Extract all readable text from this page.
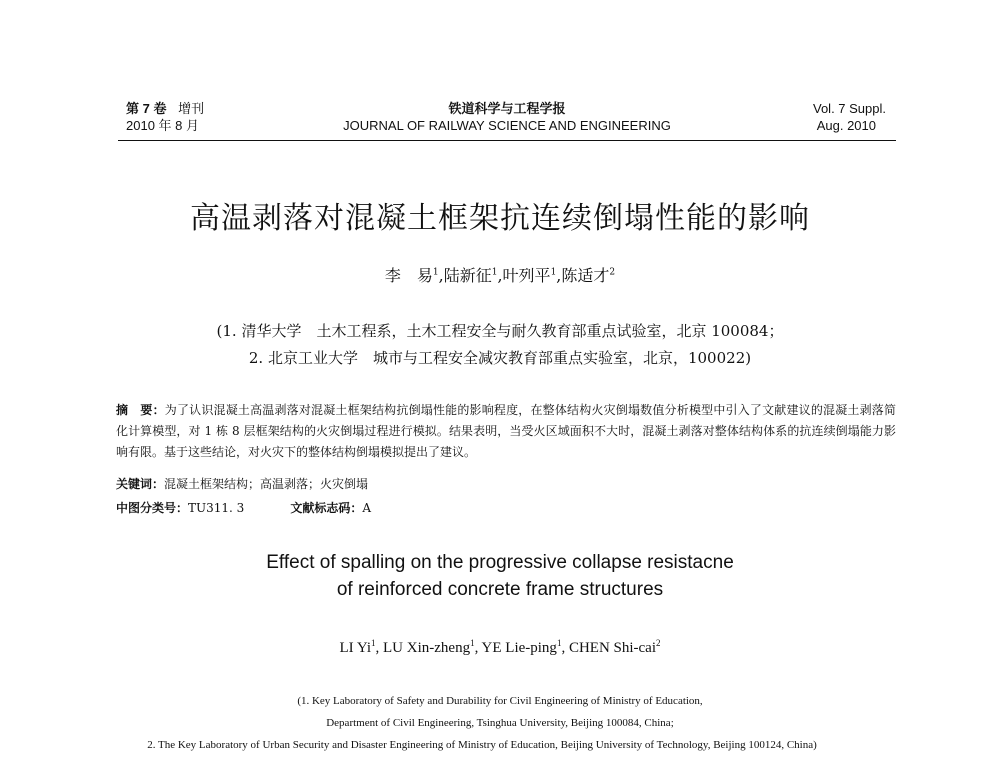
第 7 卷 增刊
2010 年 8 月
铁道科学与工程学报
JOURNAL OF RAILWAY SCIENCE AND ENGINEERING
Vol. 7 Suppl.
Aug. 2010
高温剥落对混凝土框架抗连续倒塌性能的影响
李　易$^1$,陆新征$^1$,叶列平$^1$,陈适才$^2$
(1. 清华大学　土木工程系，土木工程安全与耐久教育部重点试验室，北京 100084；
2. 北京工业大学　城市与工程安全减灾教育部重点实验室，北京，100022)
摘　要：为了认识混凝土高温剥落对混凝土框架结构抗倒塌性能的影响程度，在整体结构火灾倒塌数值分析模型中引入了文献建议的混凝土剥落简化计算模型，对 1 栋 8 层框架结构的火灾倒塌过程进行模拟。结果表明，当受火区域面积不大时，混凝土剥落对整体结构体系的抗连续倒塌能力影响有限。基于这些结论，对火灾下的整体结构倒塌模拟提出了建议。
关键词：混凝土框架结构；高温剥落；火灾倒塌
中图分类号：TU311. 3	文献标志码：A
Effect of spalling on the progressive collapse resistacne
of reinforced concrete frame structures
LI Yi$^1$, LU Xin-zheng$^1$, YE Lie-ping$^1$, CHEN Shi-cai$^2$
(1. Key Laboratory of Safety and Durability for Civil Engineering of Ministry of Education,
Department of Civil Engineering, Tsinghua University, Beijing 100084, China;
2. The Key Laboratory of Urban Security and Disaster Engineering of Ministry of Education, Beijing University of Technology, Beijing 100124, China)
